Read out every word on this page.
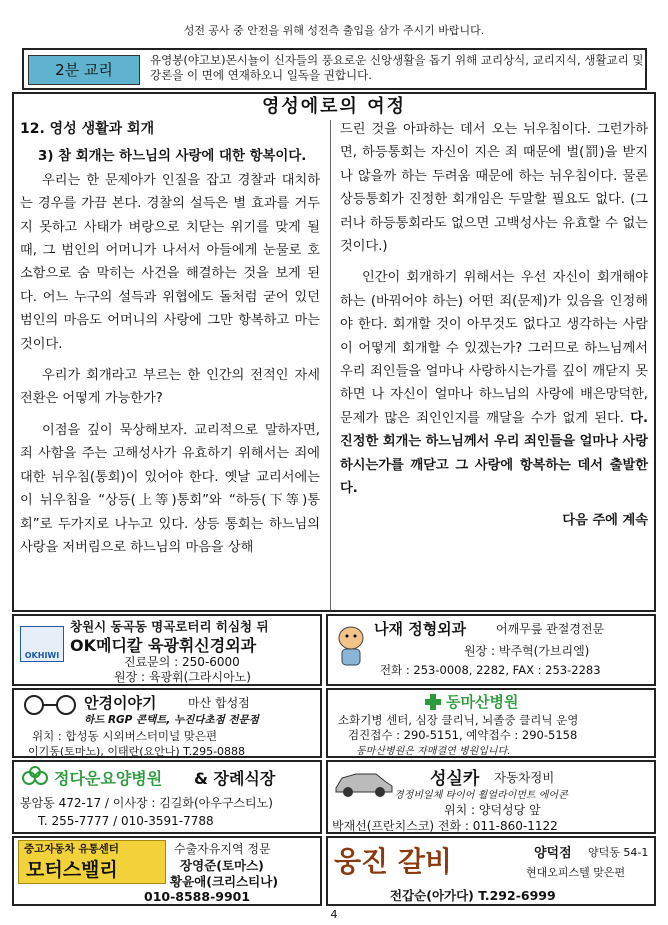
성전 공사 중 안전을 위해 성전측 출입을 삼가 주시기 바랍니다.
2분 교리
유영봉(야고보)몬시뇰이 신자들의 풍요로운 신앙생활을 돕기 위해 교리상식, 교리지식, 생활교리 및 강론을 이 면에 연재하오니 일독을 권합니다.
영성에로의 여정

12. 영성 생활과 회개

3) 참 회개는 하느님의 사랑에 대한 항복이다.

우리는 한 문제아가 인질을 잡고 경찰과 대치하는 경우를 가끔 본다. 경찰의 설득은 별 효과를 거두지 못하고 사태가 벼랑으로 치닫는 위기를 맞게 될 때, 그 범인의 어머니가 나서서 아들에게 눈물로 호소함으로 숨 막히는 사건을 해결하는 것을 보게 된다. 어느 누구의 설득과 위협에도 돌처럼 굳어 있던 범인의 마음도 어머니의 사랑에 그만 항복하고 마는 것이다.

우리가 회개라고 부르는 한 인간의 전적인 자세 전환은 어떻게 가능한가?

이점을 깊이 묵상해보자. 교리적으로 말하자면, 죄 사함을 주는 고해성사가 유효하기 위해서는 죄에 대한 뉘우침(통회)이 있어야 한다. 옛날 교리서에는 이 뉘우침을 “상등(上等)통회”와 “하등(下等)통회”로 두가지로 나누고 있다. 상등 통회는 하느님의 사랑을 저버림으로 하느님의 마음을 상해

드린 것을 아파하는 데서 오는 뉘우침이다. 그런가하면, 하등통회는 자신이 지은 죄 때문에 벌(罰)을 받지나 않을까 하는 두려움 때문에 하는 뉘우침이다. 물론 상등통회가 진정한 회개임은 두말할 필요도 없다. (그러나 하등통회라도 없으면 고백성사는 유효할 수 없는 것이다.)

인간이 회개하기 위해서는 우선 자신이 회개해야 하는 (바꿔어야 하는) 어떤 죄(문제)가 있음을 인정해야 한다. 회개할 것이 아무것도 없다고 생각하는 사람이 어떻게 회개할 수 있겠는가? 그러므로 하느님께서 우리 죄인들을 얼마나 사랑하시는가를 깊이 깨닫지 못하면 나 자신이 얼마나 하느님의 사랑에 배은망덕한, 문제가 많은 죄인인지를 깨달을 수가 없게 된다. 다. 진정한 회개는 하느님께서 우리 죄인들을 얼마나 사랑하시는가를 깨닫고 그 사랑에 항복하는 데서 출발한다.

다음 주에 계속

OKHIWI
창원시 동곡동 명곡로터리 히심청 뒤
OK메디칼 육광휘신경외과
진료문의 : 250-6000
원장 : 육광휘(그라시아노)
나재 정형외과 어깨무릎 관절경전문
원장 : 박주혁(가브리엘)
전화 : 253-0008, 2282, FAX : 253-2283
안경이야기	마산 합성점
하드 RGP 콘택트, 누진다초점 전문점
위치 : 합성동 시외버스터미널 맞은편
이기동(토마노), 이태란(요안나) T.295-0888
동마산병원
소화기병 센터, 심장 클리닉, 뇌졸중 클리닉 운영
검진접수 : 290-5151, 예약접수 : 290-5158
동마산병원은 자매결연 병원입니다.
정다운요양병원 & 장례식장
봉암동 472-17 / 이사장 : 김길화(아우구스티노)
T. 255-7777 / 010-3591-7788
성실카 자동차정비
경정비일체 타이어 휠얼라이먼트 에어콘
위치 : 양덕성당 앞
박재선(프란치스코) 전화 : 011-860-1122
중고자동차 유통센터
모터스밸리
수출자유지역 정문
장영준(토마스)
황윤애(크리스티나)
010-8588-9901
웅진 갈비	양덕점 양덕동 54-1
현대오피스텔 맞은편
전갑순(아가다) T.292-6999
4
